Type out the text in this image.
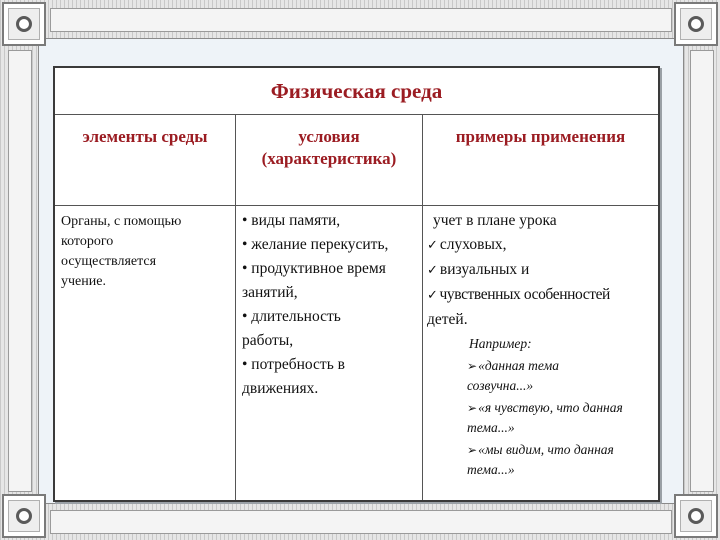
Физическая среда
элементы среды	условия
(характеристика)
примеры применения
Органы, с помощью
которого
осуществляется
учение.
• виды памяти,
• желание перекусить,
• продуктивное время
занятий,
• длительность
работы,
• потребность в
движениях.
учет в плане урока
✓ слуховых,
✓ визуальных и
✓ чувственных особенностей
детей.
Например:
➢«данная тема
созвучна...»
➢«я чувствую, что данная
тема...»
➢«мы видим, что данная
тема...»
